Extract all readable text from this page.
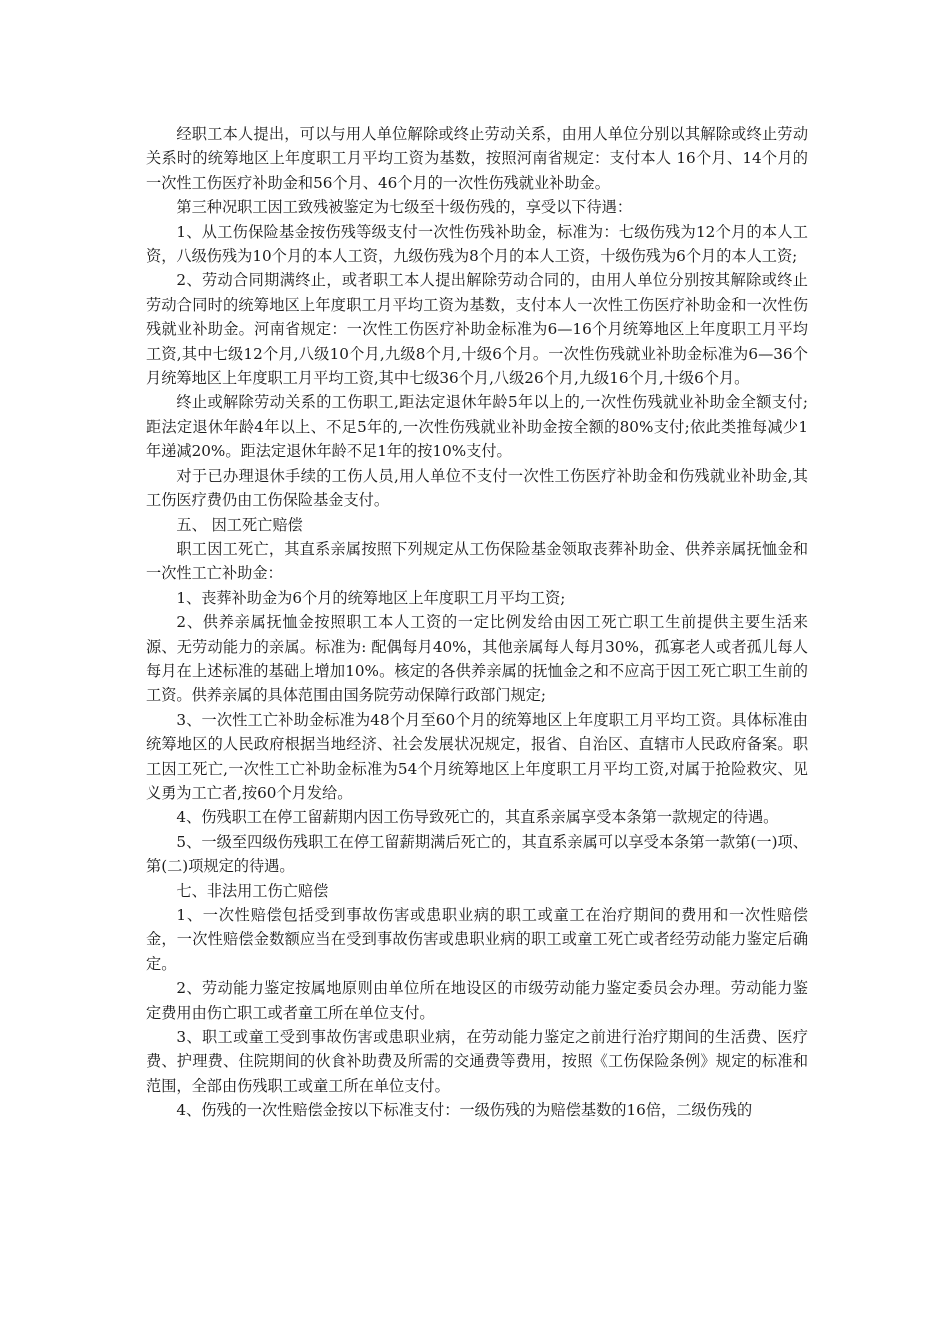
经职工本人提出，可以与用人单位解除或终止劳动关系，由用人单位分别以其解除或终止劳动关系时的统筹地区上年度职工月平均工资为基数，按照河南省规定：支付本人 16个月、14个月的一次性工伤医疗补助金和56个月、46个月的一次性伤残就业补助金。

第三种况职工因工致残被鉴定为七级至十级伤残的，享受以下待遇：

1、从工伤保险基金按伤残等级支付一次性伤残补助金，标准为：七级伤残为12个月的本人工资，八级伤残为10个月的本人工资，九级伤残为8个月的本人工资，十级伤残为6个月的本人工资;

2、劳动合同期满终止，或者职工本人提出解除劳动合同的，由用人单位分别按其解除或终止劳动合同时的统筹地区上年度职工月平均工资为基数，支付本人一次性工伤医疗补助金和一次性伤残就业补助金。河南省规定：一次性工伤医疗补助金标准为6—16个月统筹地区上年度职工月平均工资,其中七级12个月,八级10个月,九级8个月,十级6个月。一次性伤残就业补助金标准为6—36个月统筹地区上年度职工月平均工资,其中七级36个月,八级26个月,九级16个月,十级6个月。

终止或解除劳动关系的工伤职工,距法定退休年龄5年以上的,一次性伤残就业补助金全额支付;距法定退休年龄4年以上、不足5年的,一次性伤残就业补助金按全额的80%支付;依此类推每减少1年递减20%。距法定退休年龄不足1年的按10%支付。

对于已办理退休手续的工伤人员,用人单位不支付一次性工伤医疗补助金和伤残就业补助金,其工伤医疗费仍由工伤保险基金支付。

五、 因工死亡赔偿

职工因工死亡，其直系亲属按照下列规定从工伤保险基金领取丧葬补助金、供养亲属抚恤金和一次性工亡补助金：

1、丧葬补助金为6个月的统筹地区上年度职工月平均工资;

2、供养亲属抚恤金按照职工本人工资的一定比例发给由因工死亡职工生前提供主要生活来源、无劳动能力的亲属。标准为: 配偶每月40%，其他亲属每人每月30%，孤寡老人或者孤儿每人每月在上述标准的基础上增加10%。核定的各供养亲属的抚恤金之和不应高于因工死亡职工生前的工资。供养亲属的具体范围由国务院劳动保障行政部门规定;

3、一次性工亡补助金标准为48个月至60个月的统筹地区上年度职工月平均工资。具体标准由统筹地区的人民政府根据当地经济、社会发展状况规定，报省、自治区、直辖市人民政府备案。职工因工死亡,一次性工亡补助金标准为54个月统筹地区上年度职工月平均工资,对属于抢险救灾、见义勇为工亡者,按60个月发给。

4、伤残职工在停工留薪期内因工伤导致死亡的，其直系亲属享受本条第一款规定的待遇。

5、一级至四级伤残职工在停工留薪期满后死亡的，其直系亲属可以享受本条第一款第(一)项、第(二)项规定的待遇。

七、非法用工伤亡赔偿

1、一次性赔偿包括受到事故伤害或患职业病的职工或童工在治疗期间的费用和一次性赔偿金，一次性赔偿金数额应当在受到事故伤害或患职业病的职工或童工死亡或者经劳动能力鉴定后确定。

2、劳动能力鉴定按属地原则由单位所在地设区的市级劳动能力鉴定委员会办理。劳动能力鉴定费用由伤亡职工或者童工所在单位支付。

3、职工或童工受到事故伤害或患职业病，在劳动能力鉴定之前进行治疗期间的生活费、医疗费、护理费、住院期间的伙食补助费及所需的交通费等费用，按照《工伤保险条例》规定的标准和范围，全部由伤残职工或童工所在单位支付。

4、伤残的一次性赔偿金按以下标准支付：一级伤残的为赔偿基数的16倍，二级伤残的
